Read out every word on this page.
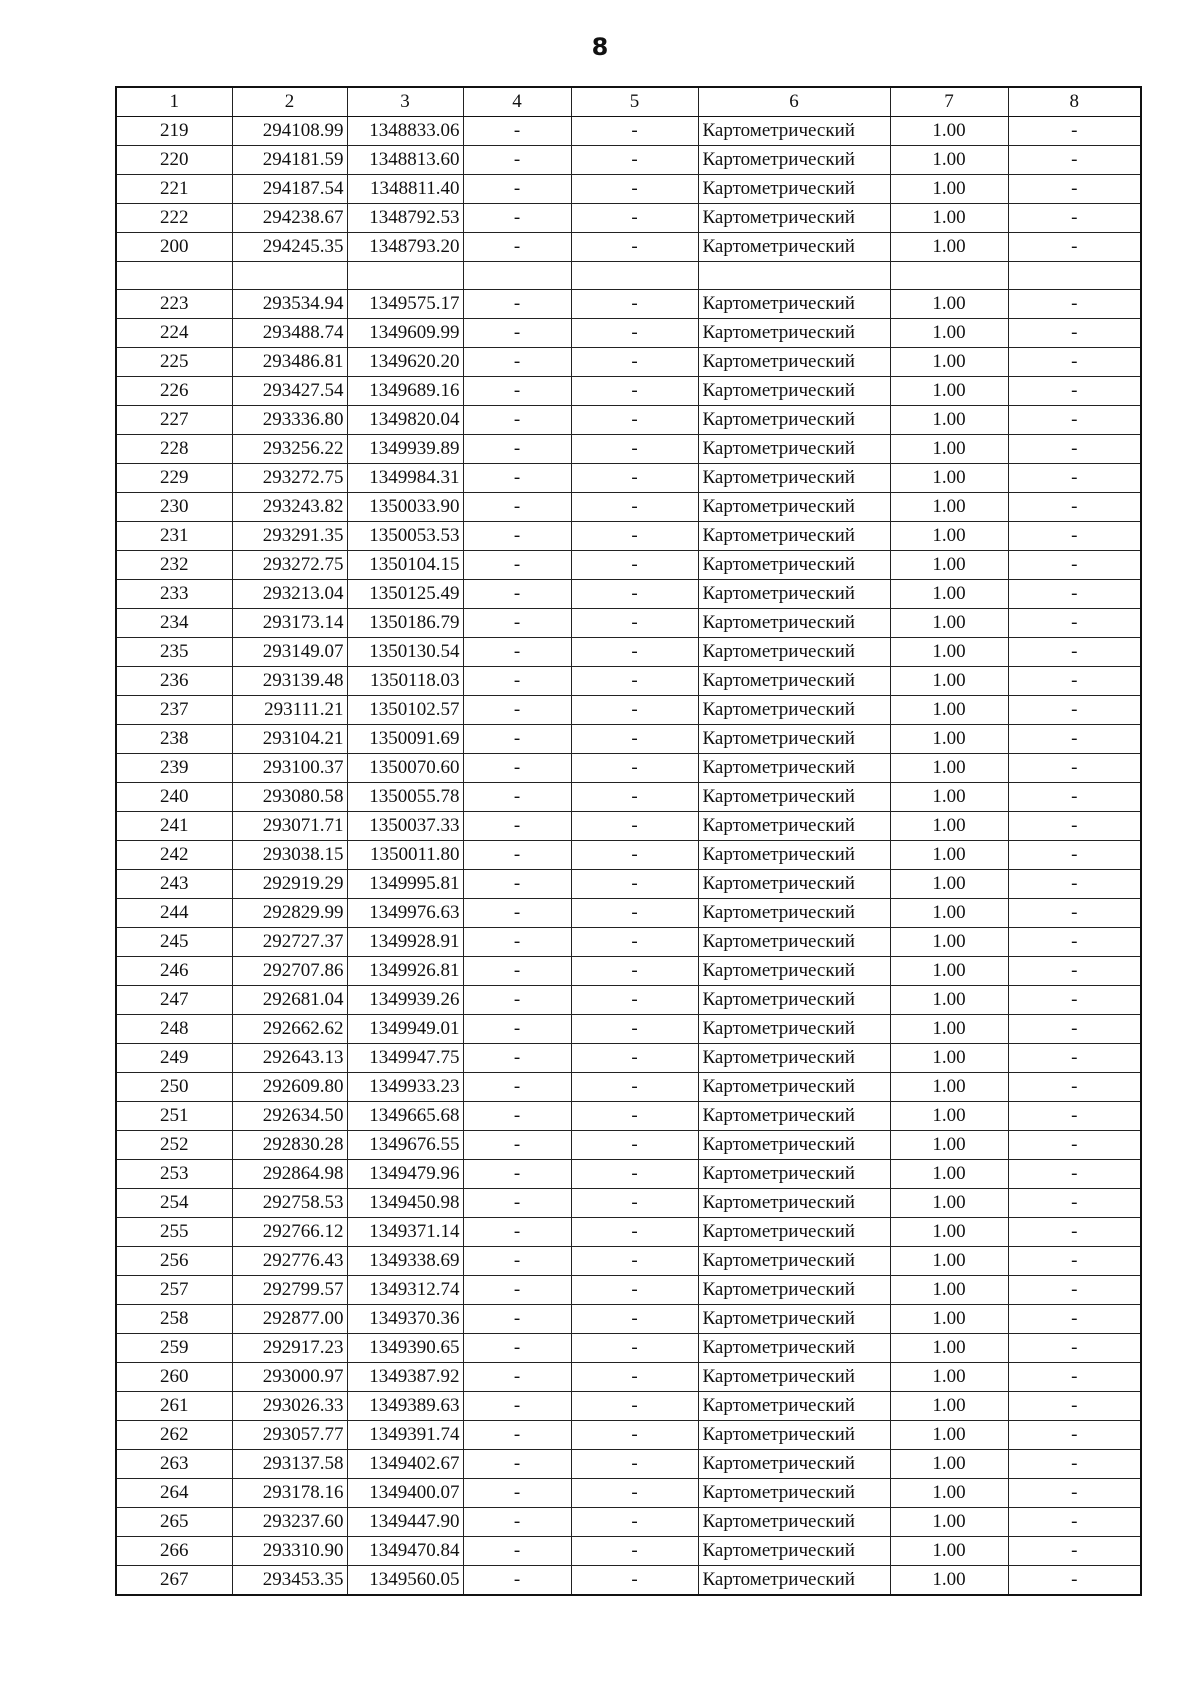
8
1	2	3	4	5	6	7	8
219	294108.99	1348833.06	-	-	Картометрический	1.00	-
220	294181.59	1348813.60	-	-	Картометрический	1.00	-
221	294187.54	1348811.40	-	-	Картометрический	1.00	-
222	294238.67	1348792.53	-	-	Картометрический	1.00	-
200	294245.35	1348793.20	-	-	Картометрический	1.00	-

223	293534.94	1349575.17	-	-	Картометрический	1.00	-
224	293488.74	1349609.99	-	-	Картометрический	1.00	-
225	293486.81	1349620.20	-	-	Картометрический	1.00	-
226	293427.54	1349689.16	-	-	Картометрический	1.00	-
227	293336.80	1349820.04	-	-	Картометрический	1.00	-
228	293256.22	1349939.89	-	-	Картометрический	1.00	-
229	293272.75	1349984.31	-	-	Картометрический	1.00	-
230	293243.82	1350033.90	-	-	Картометрический	1.00	-
231	293291.35	1350053.53	-	-	Картометрический	1.00	-
232	293272.75	1350104.15	-	-	Картометрический	1.00	-
233	293213.04	1350125.49	-	-	Картометрический	1.00	-
234	293173.14	1350186.79	-	-	Картометрический	1.00	-
235	293149.07	1350130.54	-	-	Картометрический	1.00	-
236	293139.48	1350118.03	-	-	Картометрический	1.00	-
237	293111.21	1350102.57	-	-	Картометрический	1.00	-
238	293104.21	1350091.69	-	-	Картометрический	1.00	-
239	293100.37	1350070.60	-	-	Картометрический	1.00	-
240	293080.58	1350055.78	-	-	Картометрический	1.00	-
241	293071.71	1350037.33	-	-	Картометрический	1.00	-
242	293038.15	1350011.80	-	-	Картометрический	1.00	-
243	292919.29	1349995.81	-	-	Картометрический	1.00	-
244	292829.99	1349976.63	-	-	Картометрический	1.00	-
245	292727.37	1349928.91	-	-	Картометрический	1.00	-
246	292707.86	1349926.81	-	-	Картометрический	1.00	-
247	292681.04	1349939.26	-	-	Картометрический	1.00	-
248	292662.62	1349949.01	-	-	Картометрический	1.00	-
249	292643.13	1349947.75	-	-	Картометрический	1.00	-
250	292609.80	1349933.23	-	-	Картометрический	1.00	-
251	292634.50	1349665.68	-	-	Картометрический	1.00	-
252	292830.28	1349676.55	-	-	Картометрический	1.00	-
253	292864.98	1349479.96	-	-	Картометрический	1.00	-
254	292758.53	1349450.98	-	-	Картометрический	1.00	-
255	292766.12	1349371.14	-	-	Картометрический	1.00	-
256	292776.43	1349338.69	-	-	Картометрический	1.00	-
257	292799.57	1349312.74	-	-	Картометрический	1.00	-
258	292877.00	1349370.36	-	-	Картометрический	1.00	-
259	292917.23	1349390.65	-	-	Картометрический	1.00	-
260	293000.97	1349387.92	-	-	Картометрический	1.00	-
261	293026.33	1349389.63	-	-	Картометрический	1.00	-
262	293057.77	1349391.74	-	-	Картометрический	1.00	-
263	293137.58	1349402.67	-	-	Картометрический	1.00	-
264	293178.16	1349400.07	-	-	Картометрический	1.00	-
265	293237.60	1349447.90	-	-	Картометрический	1.00	-
266	293310.90	1349470.84	-	-	Картометрический	1.00	-
267	293453.35	1349560.05	-	-	Картометрический	1.00	-
